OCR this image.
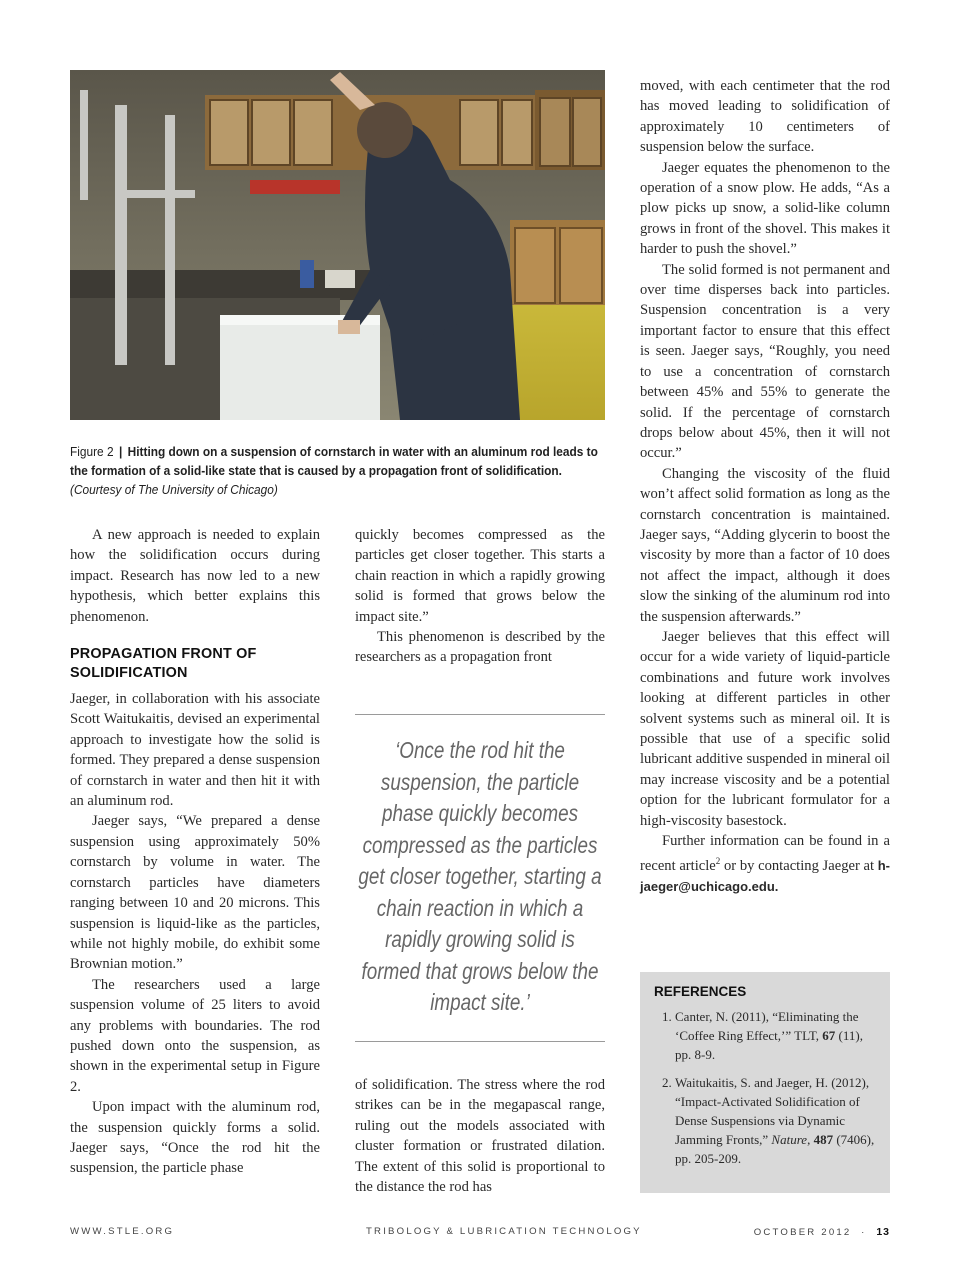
Figure 2 | Hitting down on a suspension of cornstarch in water with an aluminum rod leads to the formation of a solid-like state that is caused by a propagation front of solidification. (Courtesy of The University of Chicago)

A new approach is needed to explain how the solidification occurs during impact. Research has now led to a new hypothesis, which better explains this phenomenon.

PROPAGATION FRONT OF SOLIDIFICATION

Jaeger, in collaboration with his associate Scott Waitukaitis, devised an experimental approach to investigate how the solid is formed. They prepared a dense suspension of cornstarch in water and then hit it with an aluminum rod.

Jaeger says, “We prepared a dense suspension using approximately 50% cornstarch by volume in water. The cornstarch particles have diameters ranging between 10 and 20 microns. This suspension is liquid-like as the particles, while not highly mobile, do exhibit some Brownian motion.”

The researchers used a large suspension volume of 25 liters to avoid any problems with boundaries. The rod pushed down onto the suspension, as shown in the experimental setup in Figure 2.

Upon impact with the aluminum rod, the suspension quickly forms a solid. Jaeger says, “Once the rod hit the suspension, the particle phase

quickly becomes compressed as the particles get closer together. This starts a chain reaction in which a rapidly growing solid is formed that grows below the impact site.”

This phenomenon is described by the researchers as a propagation front

‘Once the rod hit the suspension, the particle phase quickly becomes compressed as the particles get closer together, starting a chain reaction in which a rapidly growing solid is formed that grows below the impact site.’

of solidification. The stress where the rod strikes can be in the megapascal range, ruling out the models associated with cluster formation or frustrated dilation. The extent of this solid is proportional to the distance the rod has

moved, with each centimeter that the rod has moved leading to solidification of approximately 10 centimeters of suspension below the surface.

Jaeger equates the phenomenon to the operation of a snow plow. He adds, “As a plow picks up snow, a solid-like column grows in front of the shovel. This makes it harder to push the shovel.”

The solid formed is not permanent and over time disperses back into particles. Suspension concentration is a very important factor to ensure that this effect is seen. Jaeger says, “Roughly, you need to use a concentration of cornstarch between 45% and 55% to generate the solid. If the percentage of cornstarch drops below about 45%, then it will not occur.”

Changing the viscosity of the fluid won’t affect solid formation as long as the cornstarch concentration is maintained. Jaeger says, “Adding glycerin to boost the viscosity by more than a factor of 10 does not affect the impact, although it does slow the sinking of the aluminum rod into the suspension afterwards.”

Jaeger believes that this effect will occur for a wide variety of liquid-particle combinations and future work involves looking at different particles in other solvent systems such as mineral oil. It is possible that use of a specific solid lubricant additive suspended in mineral oil may increase viscosity and be a potential option for the lubricant formulator for a high-viscosity basestock.

Further information can be found in a recent article$^2$ or by contacting Jaeger at h-jaeger@uchicago.edu.

REFERENCES
1. Canter, N. (2011), “Eliminating the ‘Coffee Ring Effect,’” TLT, 67 (11), pp. 8-9.
2. Waitukaitis, S. and Jaeger, H. (2012), “Impact-Activated Solidification of Dense Suspensions via Dynamic Jamming Fronts,” Nature, 487 (7406), pp. 205-209.
WWW.STLE.ORG	TRIBOLOGY & LUBRICATION TECHNOLOGY	OCTOBER 2012 · 13
